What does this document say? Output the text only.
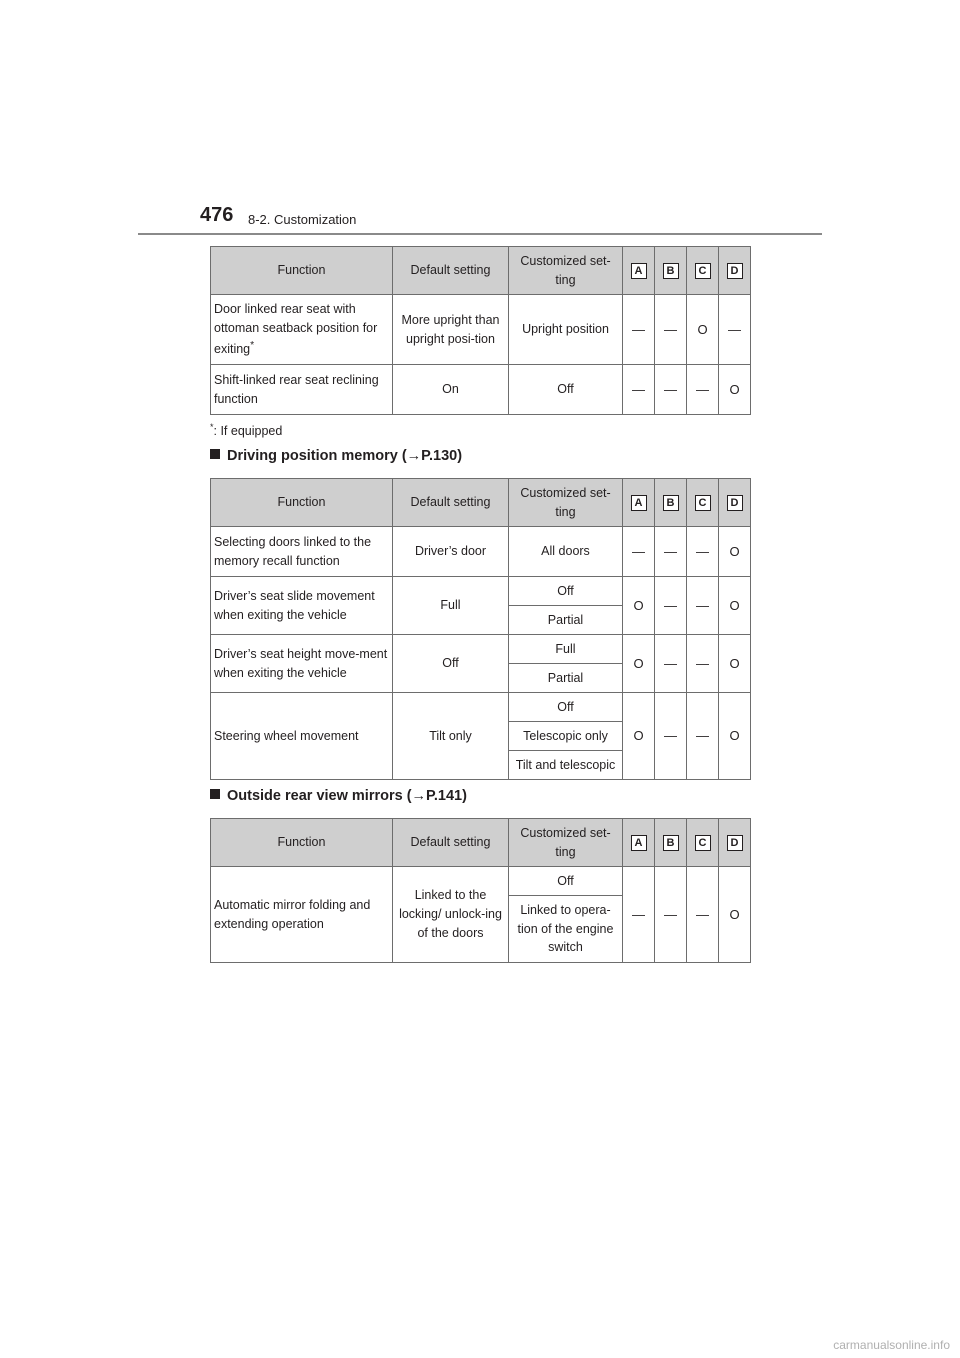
476 8-2. Customization
Function	Default setting	Customized set-ting	A	B	C	D
Door linked rear seat with ottoman seatback position for exiting*	More upright than upright posi-tion	Upright position	—	—	O	—
Shift-linked rear seat reclining function	On	Off	—	—	—	O
*: If equipped
Driving position memory (→P.130)
Function	Default setting	Customized set-ting	A	B	C	D
Selecting doors linked to the memory recall function	Driver’s door	All doors	—	—	—	O
Driver’s seat slide movement when exiting the vehicle	Full	Off	O	—	—	O
		Partial				
Driver’s seat height move-ment when exiting the vehicle	Off	Full	O	—	—	O
		Partial				
Steering wheel movement	Tilt only	Off	O	—	—	O
		Telescopic only				
		Tilt and telescopic				
Outside rear view mirrors (→P.141)
Function	Default setting	Customized set-ting	A	B	C	D
Automatic mirror folding and extending operation	Linked to the locking/ unlock-ing of the doors	Off	—	—	—	O
		Linked to opera-tion of the engine switch				
carmanualsonline.info
